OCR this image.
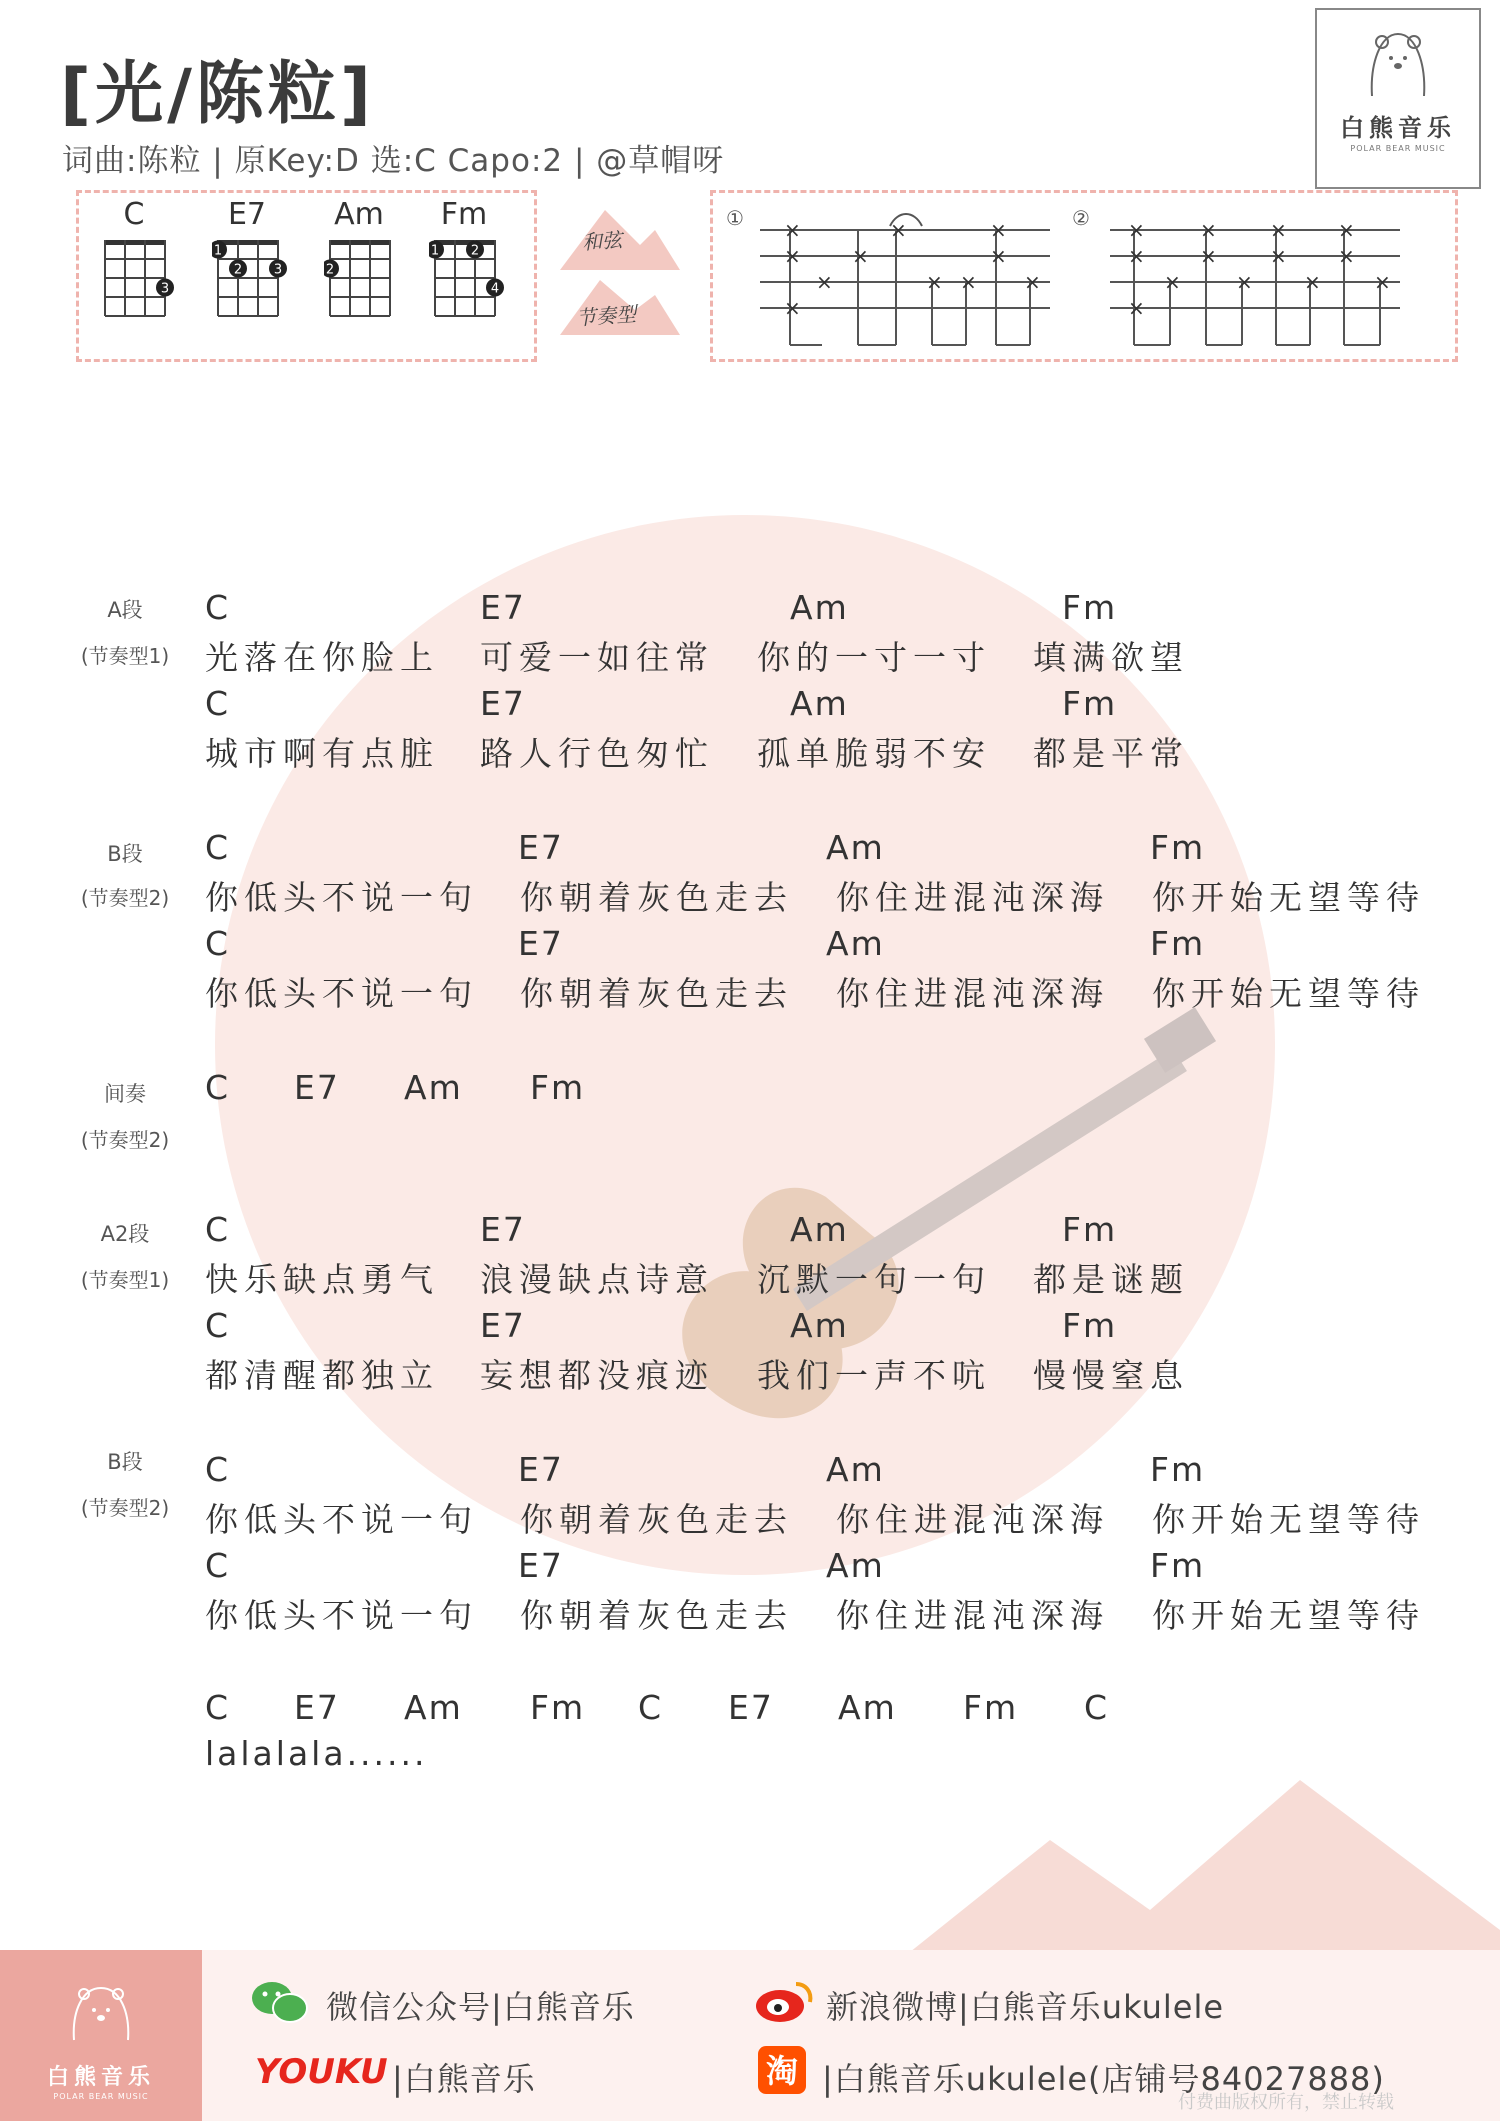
[光/陈粒]
词曲:陈粒 | 原Key:D 选:C Capo:2 | @草帽呀
白熊音乐
POLAR BEAR MUSIC
C
3
E7
1
2 3
Am
2
Fm
1 2
4
和弦
节奏型
①	②
×
×
×
×
×
×
× ×
×
×
×
×
×
×
×
×
×
×
×
×
×
×
×
×
A段
(节奏型1)
B段
(节奏型2)
间奏
(节奏型2)
A2段
(节奏型1)
B段
(节奏型2)
C	E7	Am	Fm
光落在你脸上 可爱一如往常 你的一寸一寸 填满欲望
C	E7	Am	Fm
城市啊有点脏 路人行色匆忙 孤单脆弱不安 都是平常
C	E7	Am	Fm
你低头不说一句 你朝着灰色走去 你住进混沌深海 你开始无望等待
C	E7	Am	Fm
你低头不说一句 你朝着灰色走去 你住进混沌深海 你开始无望等待
C E7 Am Fm
C	E7	Am	Fm
快乐缺点勇气 浪漫缺点诗意 沉默一句一句 都是谜题
C	E7	Am	Fm
都清醒都独立 妄想都没痕迹 我们一声不吭 慢慢窒息
C	E7	Am	Fm
你低头不说一句 你朝着灰色走去 你住进混沌深海 你开始无望等待
C	E7	Am	Fm
你低头不说一句 你朝着灰色走去 你住进混沌深海 你开始无望等待
C E7 Am Fm C E7 Am Fm C
lalalala......
白熊音乐
POLAR BEAR MUSIC
微信公众号|白熊音乐	新浪微博|白熊音乐ukulele
YOUKU |白熊音乐	淘 |白熊音乐ukulele(店铺号84027888)
付费曲版权所有，禁止转载
